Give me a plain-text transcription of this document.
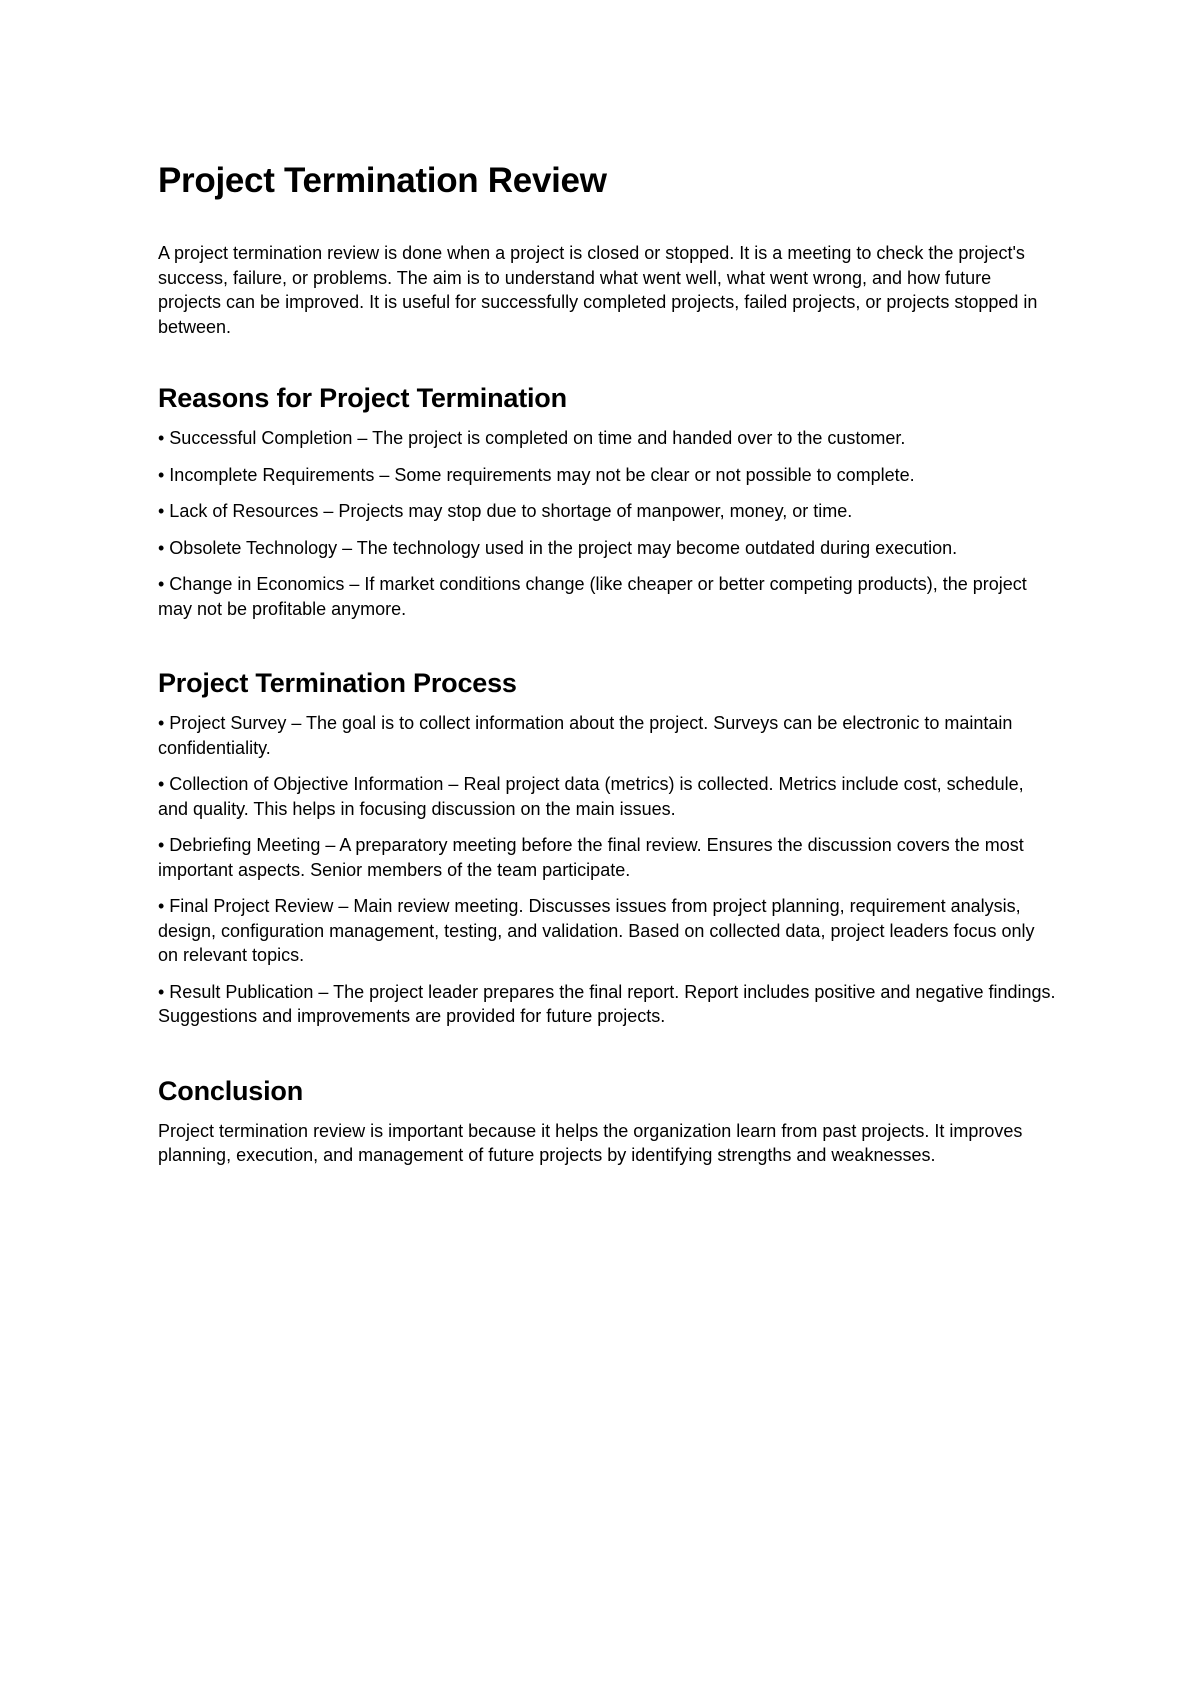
Project Termination Review

A project termination review is done when a project is closed or stopped. It is a meeting to check the project's success, failure, or problems. The aim is to understand what went well, what went wrong, and how future projects can be improved. It is useful for successfully completed projects, failed projects, or projects stopped in between.

Reasons for Project Termination
• Successful Completion – The project is completed on time and handed over to the customer.
• Incomplete Requirements – Some requirements may not be clear or not possible to complete.
• Lack of Resources – Projects may stop due to shortage of manpower, money, or time.
• Obsolete Technology – The technology used in the project may become outdated during execution.
• Change in Economics – If market conditions change (like cheaper or better competing products), the project may not be profitable anymore.
Project Termination Process
• Project Survey – The goal is to collect information about the project. Surveys can be electronic to maintain confidentiality.
• Collection of Objective Information – Real project data (metrics) is collected. Metrics include cost, schedule, and quality. This helps in focusing discussion on the main issues.
• Debriefing Meeting – A preparatory meeting before the final review. Ensures the discussion covers the most important aspects. Senior members of the team participate.
• Final Project Review – Main review meeting. Discusses issues from project planning, requirement analysis, design, configuration management, testing, and validation. Based on collected data, project leaders focus only on relevant topics.
• Result Publication – The project leader prepares the final report. Report includes positive and negative findings. Suggestions and improvements are provided for future projects.
Conclusion

Project termination review is important because it helps the organization learn from past projects. It improves planning, execution, and management of future projects by identifying strengths and weaknesses.
